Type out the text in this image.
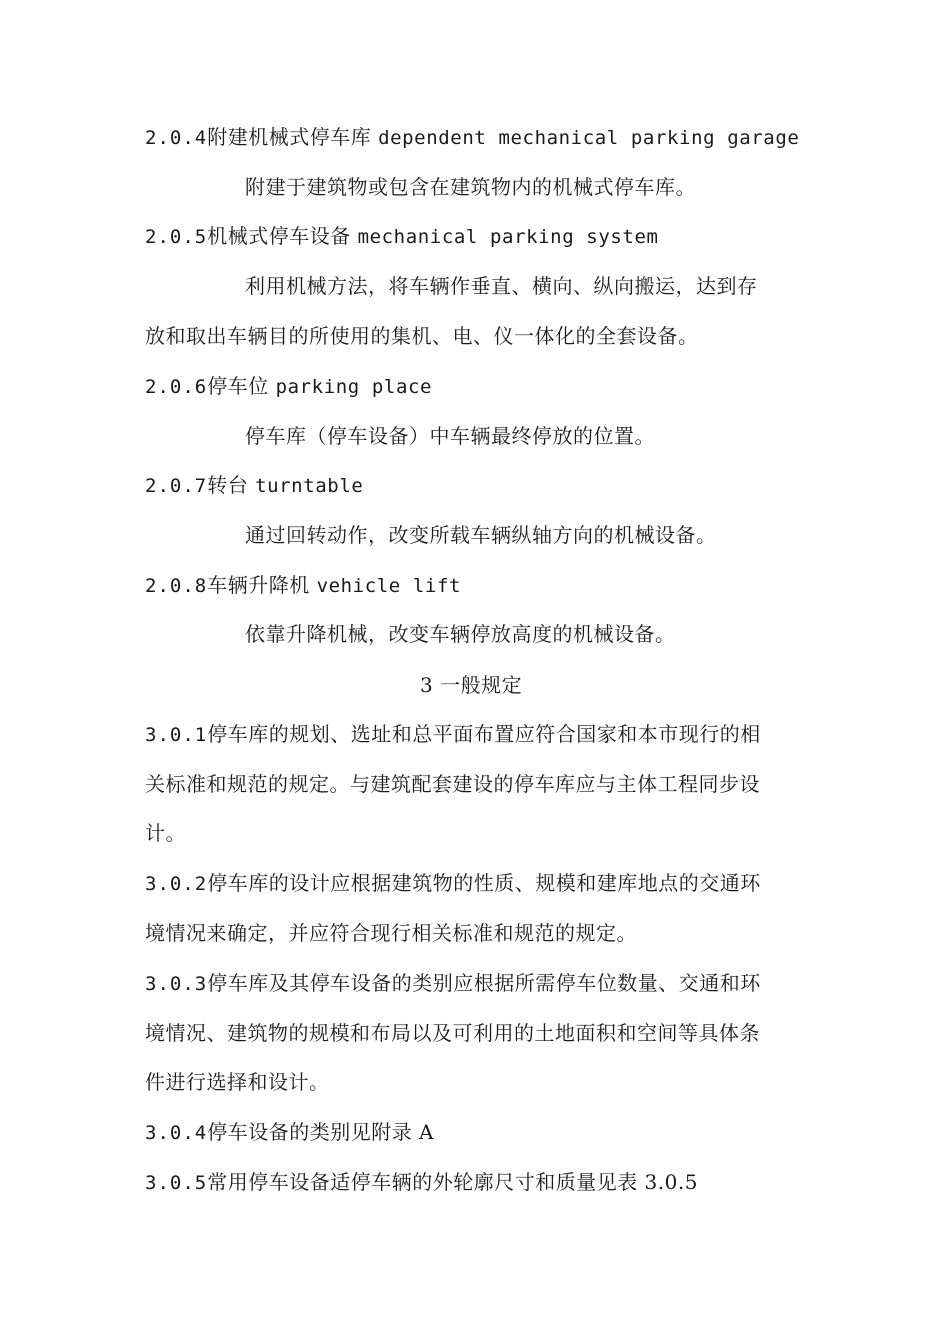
2.0.4附建机械式停车库 dependent mechanical parking garage
附建于建筑物或包含在建筑物内的机械式停车库。
2.0.5机械式停车设备 mechanical parking system
利用机械方法，将车辆作垂直、横向、纵向搬运，达到存
放和取出车辆目的所使用的集机、电、仪一体化的全套设备。
2.0.6停车位 parking place
停车库（停车设备）中车辆最终停放的位置。
2.0.7转台 turntable
通过回转动作，改变所载车辆纵轴方向的机械设备。
2.0.8车辆升降机 vehicle lift
依靠升降机械，改变车辆停放高度的机械设备。
3 一般规定
3.0.1停车库的规划、选址和总平面布置应符合国家和本市现行的相
关标准和规范的规定。与建筑配套建设的停车库应与主体工程同步设
计。
3.0.2停车库的设计应根据建筑物的性质、规模和建库地点的交通环
境情况来确定，并应符合现行相关标准和规范的规定。
3.0.3停车库及其停车设备的类别应根据所需停车位数量、交通和环
境情况、建筑物的规模和布局以及可利用的土地面积和空间等具体条
件进行选择和设计。
3.0.4停车设备的类别见附录 A
3.0.5常用停车设备适停车辆的外轮廓尺寸和质量见表 3.0.5
